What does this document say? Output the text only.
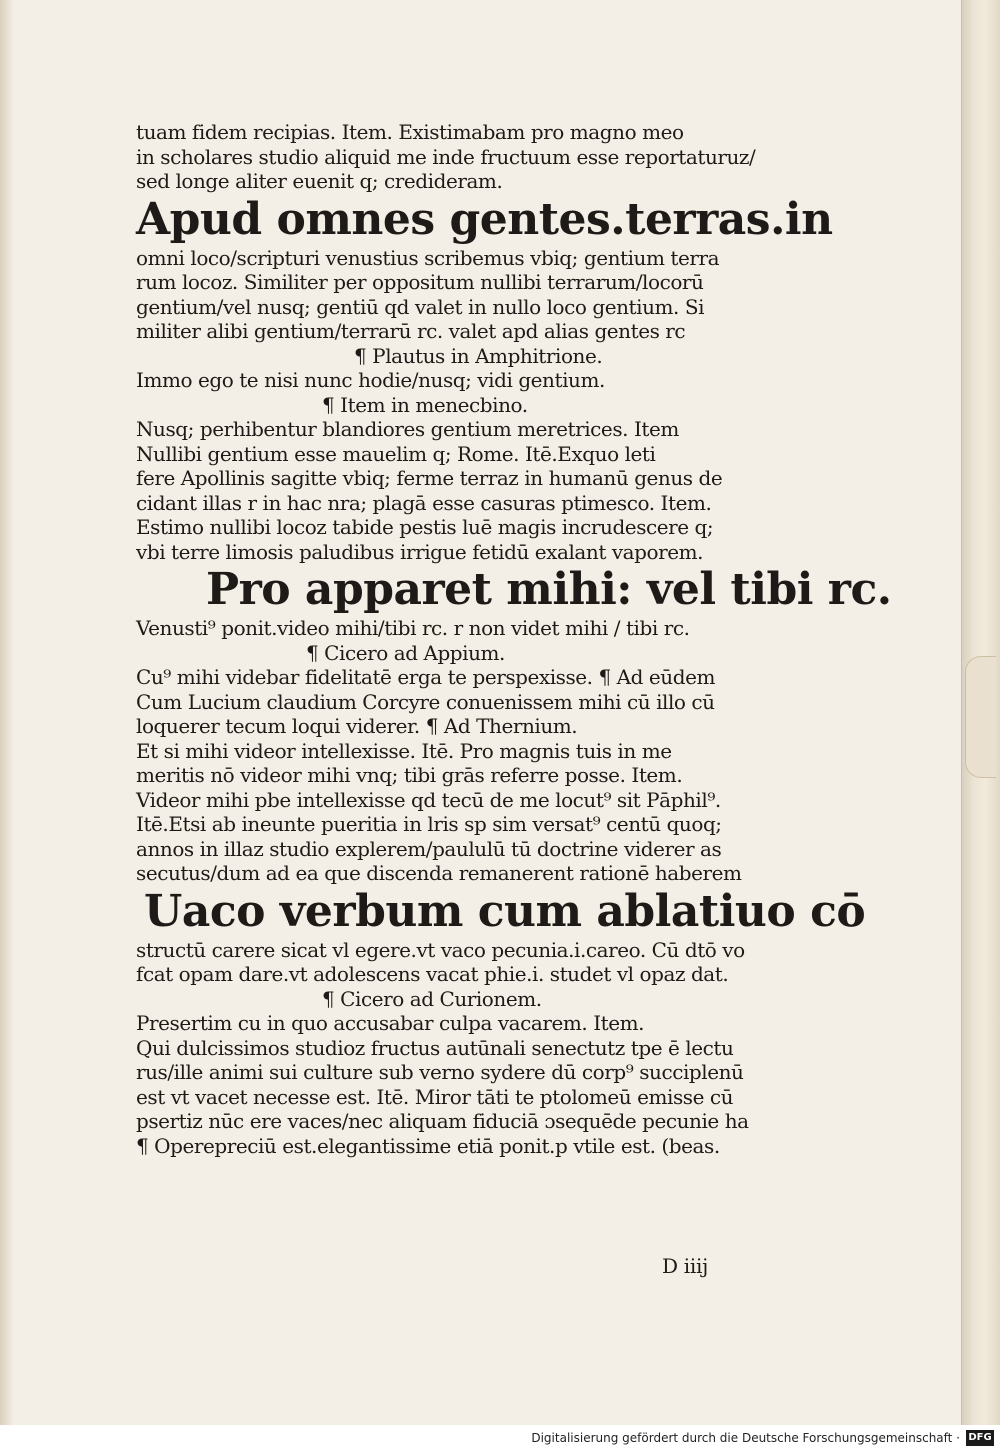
tuam fidem recipias. Item. Existimabam pro magno meo
in scholares studio aliquid me inde fructuum esse reportaturuz/
sed longe aliter euenit q; credideram.
Apud omnes gentes.terras.in
omni loco/scripturi venustius scribemus vbiq; gentium terra
rum locoz. Similiter per oppositum nullibi terrarum/locorū
gentium/vel nusq; gentiū qd valet in nullo loco gentium. Si
militer alibi gentium/terrarū rc. valet apd alias gentes rc
¶ Plautus in Amphitrione.
Immo ego te nisi nunc hodie/nusq; vidi gentium.
¶ Item in menecbino.
Nusq; perhibentur blandiores gentium meretrices. Item
Nullibi gentium esse mauelim q; Rome. Itē.Exquo leti
fere Apollinis sagitte vbiq; ferme terraz in humanū genus de
cidant illas r in hac nra; plagā esse casuras ptimesco. Item.
Estimo nullibi locoz tabide pestis luē magis incrudescere q;
vbi terre limosis paludibus irrigue fetidū exalant vaporem.
Pro apparet mihi: vel tibi rc.
Venusti⁹ ponit.video mihi/tibi rc. r non videt mihi / tibi rc.
¶ Cicero ad Appium.
Cu⁹ mihi videbar fidelitatē erga te perspexisse. ¶ Ad eūdem
Cum Lucium claudium Corcyre conuenissem mihi cū illo cū
loquerer tecum loqui viderer. ¶ Ad Thernium.
Et si mihi videor intellexisse. Itē. Pro magnis tuis in me
meritis nō videor mihi vnq; tibi grās referre posse. Item.
Videor mihi pbe intellexisse qd tecū de me locut⁹ sit Pāphil⁹.
Itē.Etsi ab ineunte pueritia in lris sp sim versat⁹ centū quoq;
annos in illaz studio explerem/paululū tū doctrine viderer as
secutus/dum ad ea que discenda remanerent rationē haberem
Uaco verbum cum ablatiuo cō
structū carere sicat vl egere.vt vaco pecunia.i.careo. Cū dtō vo
fcat opam dare.vt adolescens vacat phie.i. studet vl opaz dat.
¶ Cicero ad Curionem.
Presertim cu in quo accusabar culpa vacarem. Item.
Qui dulcissimos studioz fructus autūnali senectutz tpe ē lectu
rus/ille animi sui culture sub verno sydere dū corp⁹ succiplenū
est vt vacet necesse est. Itē. Miror tāti te ptolomeū emisse cū
psertiz nūc ere vaces/nec aliquam fiduciā ɔsequēde pecunie ha
¶ Operepreciū est.elegantissime etiā ponit.p vtile est. (beas.
D iiij
Digitalisierung gefördert durch die Deutsche Forschungsgemeinschaft · DFG
